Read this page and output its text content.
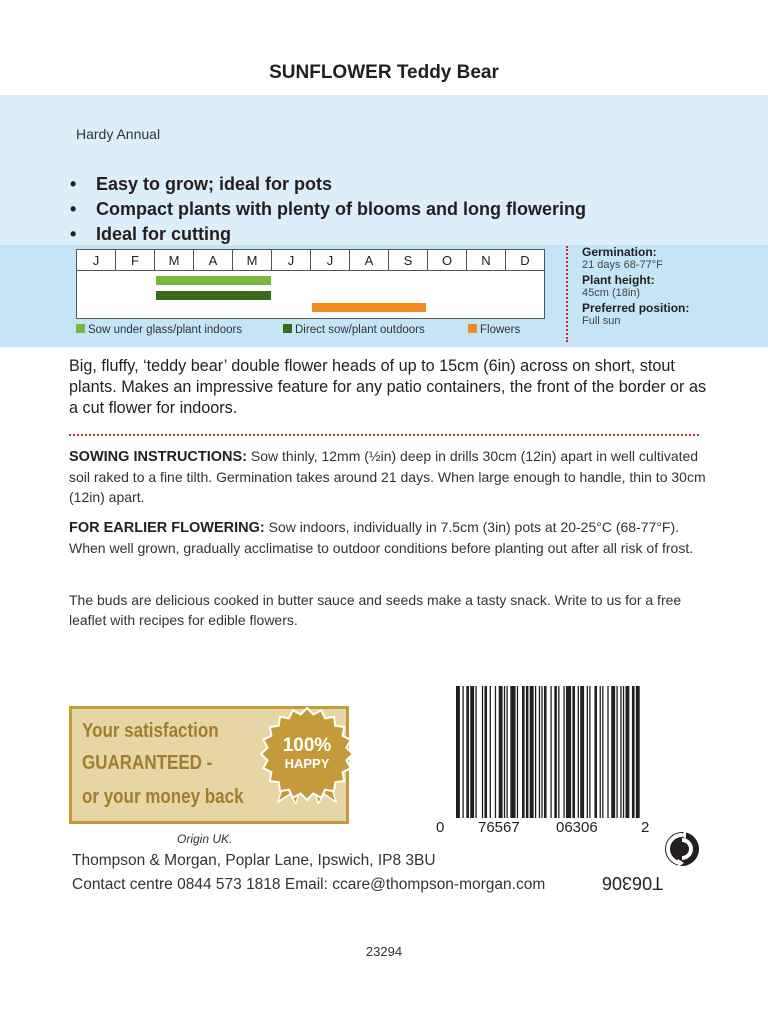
SUNFLOWER Teddy Bear
Hardy Annual
• Easy to grow; ideal for pots
• Compact plants with plenty of blooms and long flowering
• Ideal for cutting
J	F	M	A	M	J	J	A	S	O	N	D
Sow under glass/plant indoors	Direct sow/plant outdoors	Flowers
Germination:
21 days 68-77°F
Plant height:
45cm (18in)
Preferred position:
Full sun
Big, fluffy, ‘teddy bear’ double flower heads of up to 15cm (6in) across on short, stout plants. Makes an impressive feature for any patio containers, the front of the border or as a cut flower for indoors.
SOWING INSTRUCTIONS: Sow thinly, 12mm (½in) deep in drills 30cm (12in) apart in well cultivated soil raked to a fine tilth. Germination takes around 21 days. When large enough to handle, thin to 30cm (12in) apart.
FOR EARLIER FLOWERING: Sow indoors, individually in 7.5cm (3in) pots at 20-25°C (68-77°F). When well grown, gradually acclimatise to outdoor conditions before planting out after all risk of frost.
The buds are delicious cooked in butter sauce and seeds make a tasty snack. Write to us for a free leaflet with recipes for edible flowers.
Your satisfaction
GUARANTEED -
or your money back
100%
HAPPY
Origin UK.
Thompson & Morgan, Poplar Lane, Ipswich, IP8 3BU
Contact centre 0844 573 1818 Email: ccare@thompson-morgan.com
0 76567 06306	2
T06306
23294
